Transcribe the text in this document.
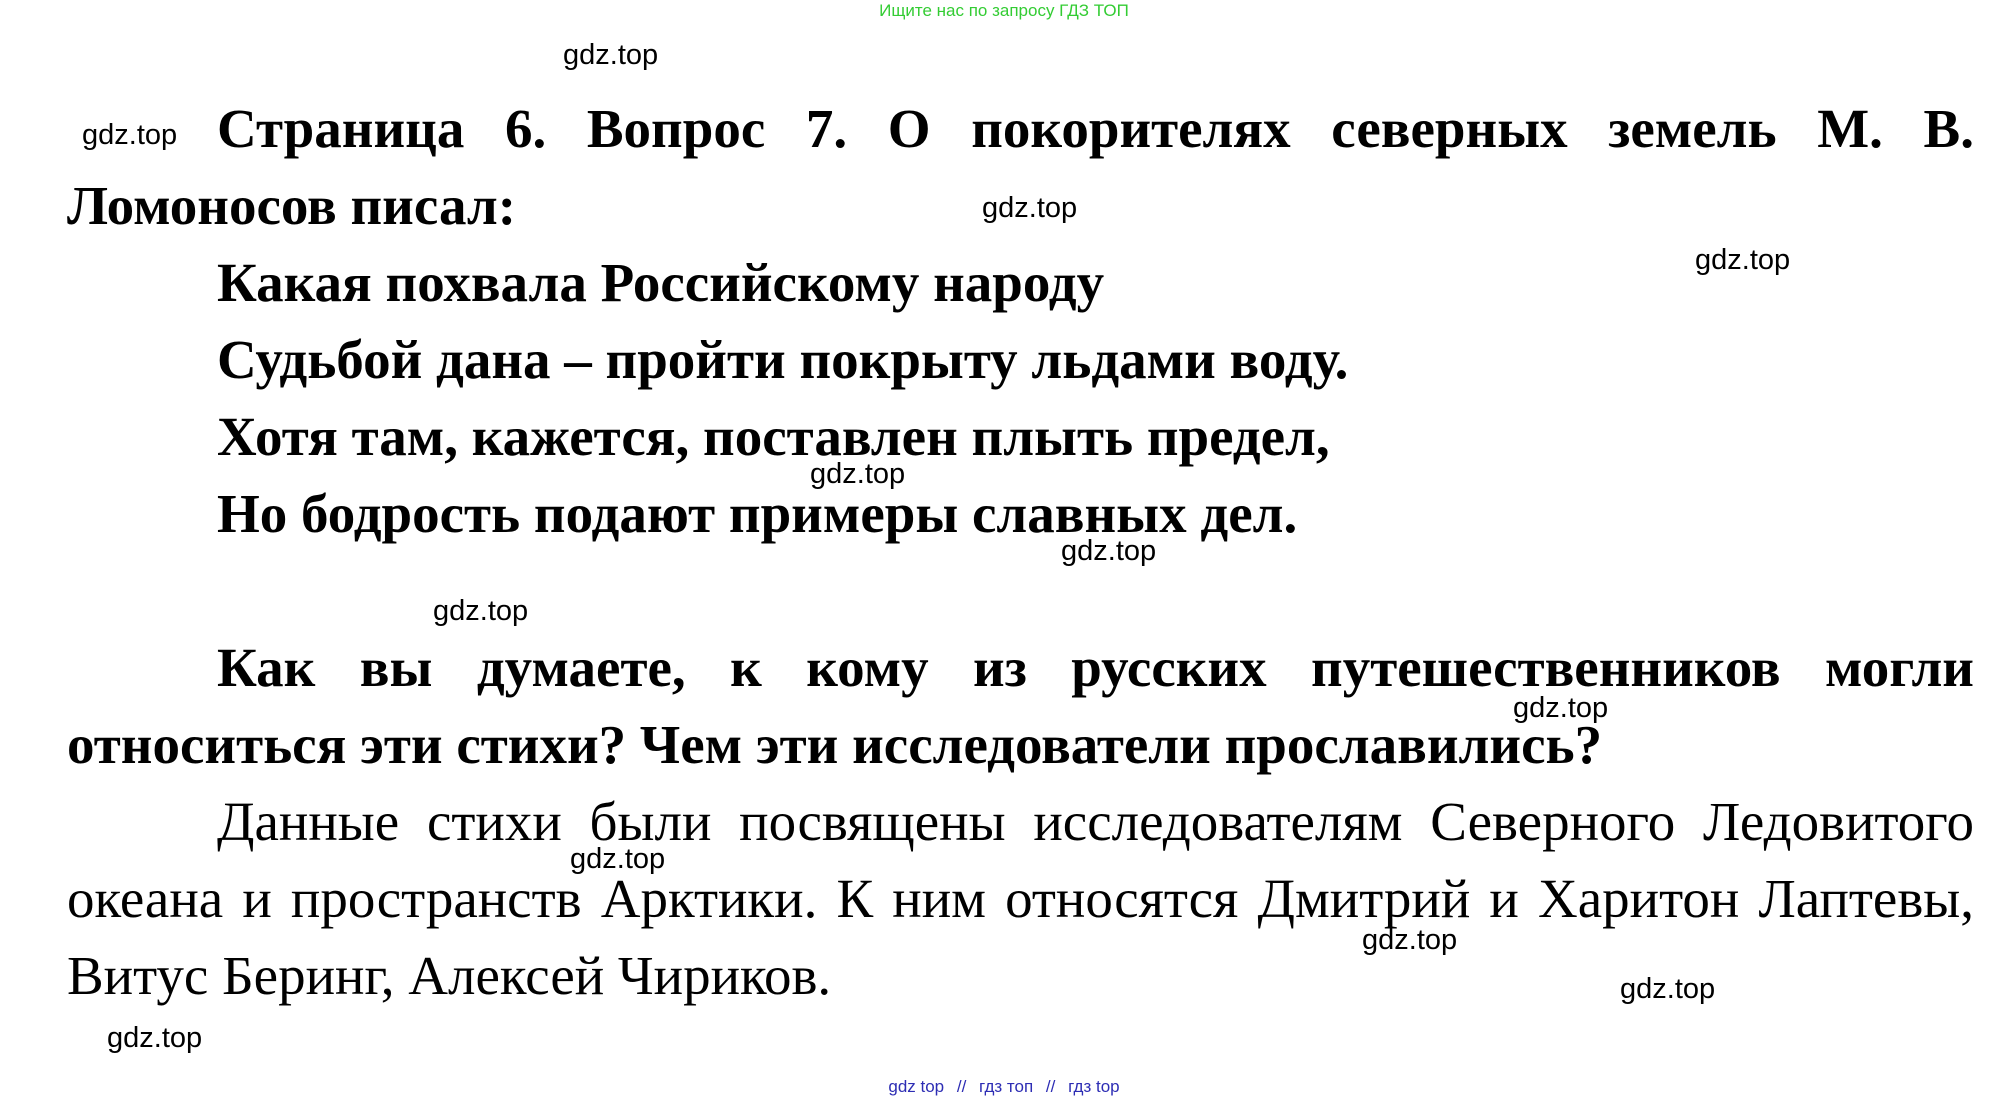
Ищите нас по запросу ГДЗ ТОП

Страница 6. Вопрос 7. О покорителях северных земель М. В. Ломоносов писал:

Какая похвала Российскому народу
Судьбой дана – пройти покрыту льдами воду.
Хотя там, кажется, поставлен плыть предел,
Но бодрость подают примеры славных дел.

Как вы думаете, к кому из русских путешественников могли относиться эти стихи? Чем эти исследователи прославились?

Данные стихи были посвящены исследователям Северного Ледовитого океана и пространств Арктики. К ним относятся Дмитрий и Харитон Лаптевы, Витус Беринг, Алексей Чириков.

gdz.top
gdz.top
gdz.top
gdz.top
gdz.top
gdz.top
gdz.top
gdz.top
gdz.top
gdz.top
gdz.top
gdz.top
gdz top // гдз топ // гдз top
